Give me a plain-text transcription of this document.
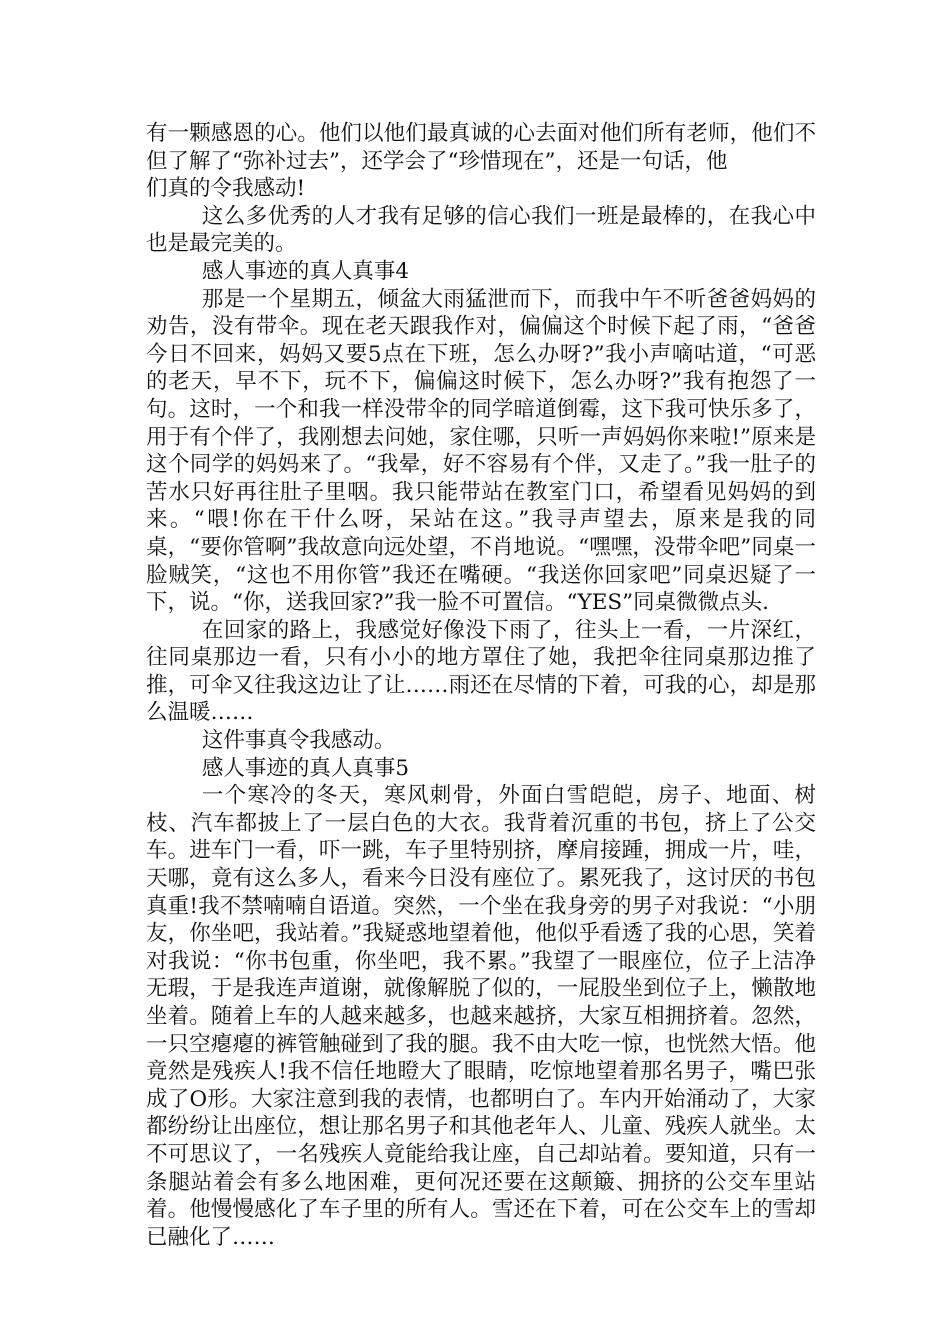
有一颗感恩的心。他们以他们最真诚的心去面对他们所有老师，他们不但了解了“弥补过去”，还学会了“珍惜现在”，还是一句话，他

们真的令我感动!

这么多优秀的人才我有足够的信心我们一班是最棒的，在我心中也是最完美的。

感人事迹的真人真事4

那是一个星期五，倾盆大雨猛泄而下，而我中午不听爸爸妈妈的劝告，没有带伞。现在老天跟我作对，偏偏这个时候下起了雨，“爸爸今日不回来，妈妈又要5点在下班，怎么办呀?”我小声嘀咕道，“可恶的老天，早不下，玩不下，偏偏这时候下，怎么办呀?”我有抱怨了一句。这时，一个和我一样没带伞的同学暗道倒霉，这下我可快乐多了，用于有个伴了，我刚想去问她，家住哪，只听一声妈妈你来啦!”原来是这个同学的妈妈来了。“我晕，好不容易有个伴，又走了。”我一肚子的苦水只好再往肚子里咽。我只能带站在教室门口，希望看见妈妈的到来。“喂!你在干什么呀，呆站在这。”我寻声望去，原来是我的同桌，“要你管啊”我故意向远处望，不肖地说。“嘿嘿，没带伞吧”同桌一脸贼笑，“这也不用你管”我还在嘴硬。“我送你回家吧”同桌迟疑了一下，说。“你，送我回家?”我一脸不可置信。“YES”同桌微微点头.

在回家的路上，我感觉好像没下雨了，往头上一看，一片深红，往同桌那边一看，只有小小的地方罩住了她，我把伞往同桌那边推了推，可伞又往我这边让了让……雨还在尽情的下着，可我的心，却是那么温暖……

这件事真令我感动。

感人事迹的真人真事5

一个寒冷的冬天，寒风刺骨，外面白雪皑皑，房子、地面、树枝、汽车都披上了一层白色的大衣。我背着沉重的书包，挤上了公交车。进车门一看，吓一跳，车子里特别挤，摩肩接踵，拥成一片，哇，天哪，竟有这么多人，看来今日没有座位了。累死我了，这讨厌的书包真重!我不禁喃喃自语道。突然，一个坐在我身旁的男子对我说：“小朋友，你坐吧，我站着。”我疑惑地望着他，他似乎看透了我的心思，笑着对我说：“你书包重，你坐吧，我不累。”我望了一眼座位，位子上洁净无瑕，于是我连声道谢，就像解脱了似的，一屁股坐到位子上，懒散地坐着。随着上车的人越来越多，也越来越挤，大家互相拥挤着。忽然，一只空瘪瘪的裤管触碰到了我的腿。我不由大吃一惊，也恍然大悟。他竟然是残疾人!我不信任地瞪大了眼睛，吃惊地望着那名男子，嘴巴张成了O形。大家注意到我的表情，也都明白了。车内开始涌动了，大家都纷纷让出座位，想让那名男子和其他老年人、儿童、残疾人就坐。太不可思议了，一名残疾人竟能给我让座，自己却站着。要知道，只有一条腿站着会有多么地困难，更何况还要在这颠簸、拥挤的公交车里站着。他慢慢感化了车子里的所有人。雪还在下着，可在公交车上的雪却已融化了……
